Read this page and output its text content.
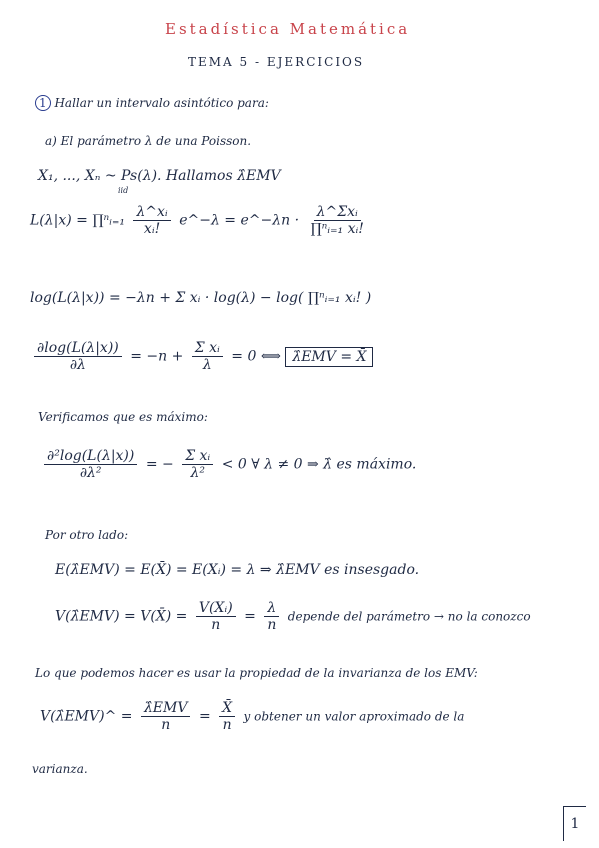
Estadística Matemática
TEMA 5 - EJERCICIOS
1 Hallar un intervalo asintótico para:
a) El parámetro λ de una Poisson.
X₁, ..., Xₙ ~ Ps(λ). Hallamos λ̂EMV
iid
L(λ|x) = ∏ⁿᵢ₌₁ $\frac{\text{λ\textasciicircum{}xᵢ}}{\text{xᵢ!}}$ e^−λ = e^−λn · $\frac{\text{λ\textasciicircum{}Σxᵢ}}{\text{∏ⁿᵢ₌₁ xᵢ!}}$
log(L(λ|x)) = −λn + Σ xᵢ · log(λ) − log( ∏ⁿᵢ₌₁ xᵢ! )
$\frac{\partial\log(L(\lambda|x))}{\partial\lambda} = -n + \frac{\text{Σ xᵢ}}{\lambda} = 0$ ⟺ λ̂EMV = X̄
Verificamos que es máximo:
$\frac{\text{∂²log(L(λ|x))}}{\text{∂λ²}}$ = − $\frac{\text{Σ xᵢ}}{\text{λ²}} < 0$ ∀ λ ≠ 0 ⇒ λ̂ es máximo.
Por otro lado:
E(λ̂EMV) = E(X̄) = E(Xᵢ) = λ ⇒ λ̂EMV es insesgado.
V(λ̂EMV) = V(X̄) = $\frac{\text{V(Xᵢ)}}{n} = \frac{\lambda}{n}$ depende del parámetro → no la conozco
Lo que podemos hacer es usar la propiedad de la invarianza de los EMV:
V(λ̂EMV)^ = $\frac{\text{λ̂EMV}}{n} = \frac{X̄}{n}$ y obtener un valor aproximado de la
varianza.
1
